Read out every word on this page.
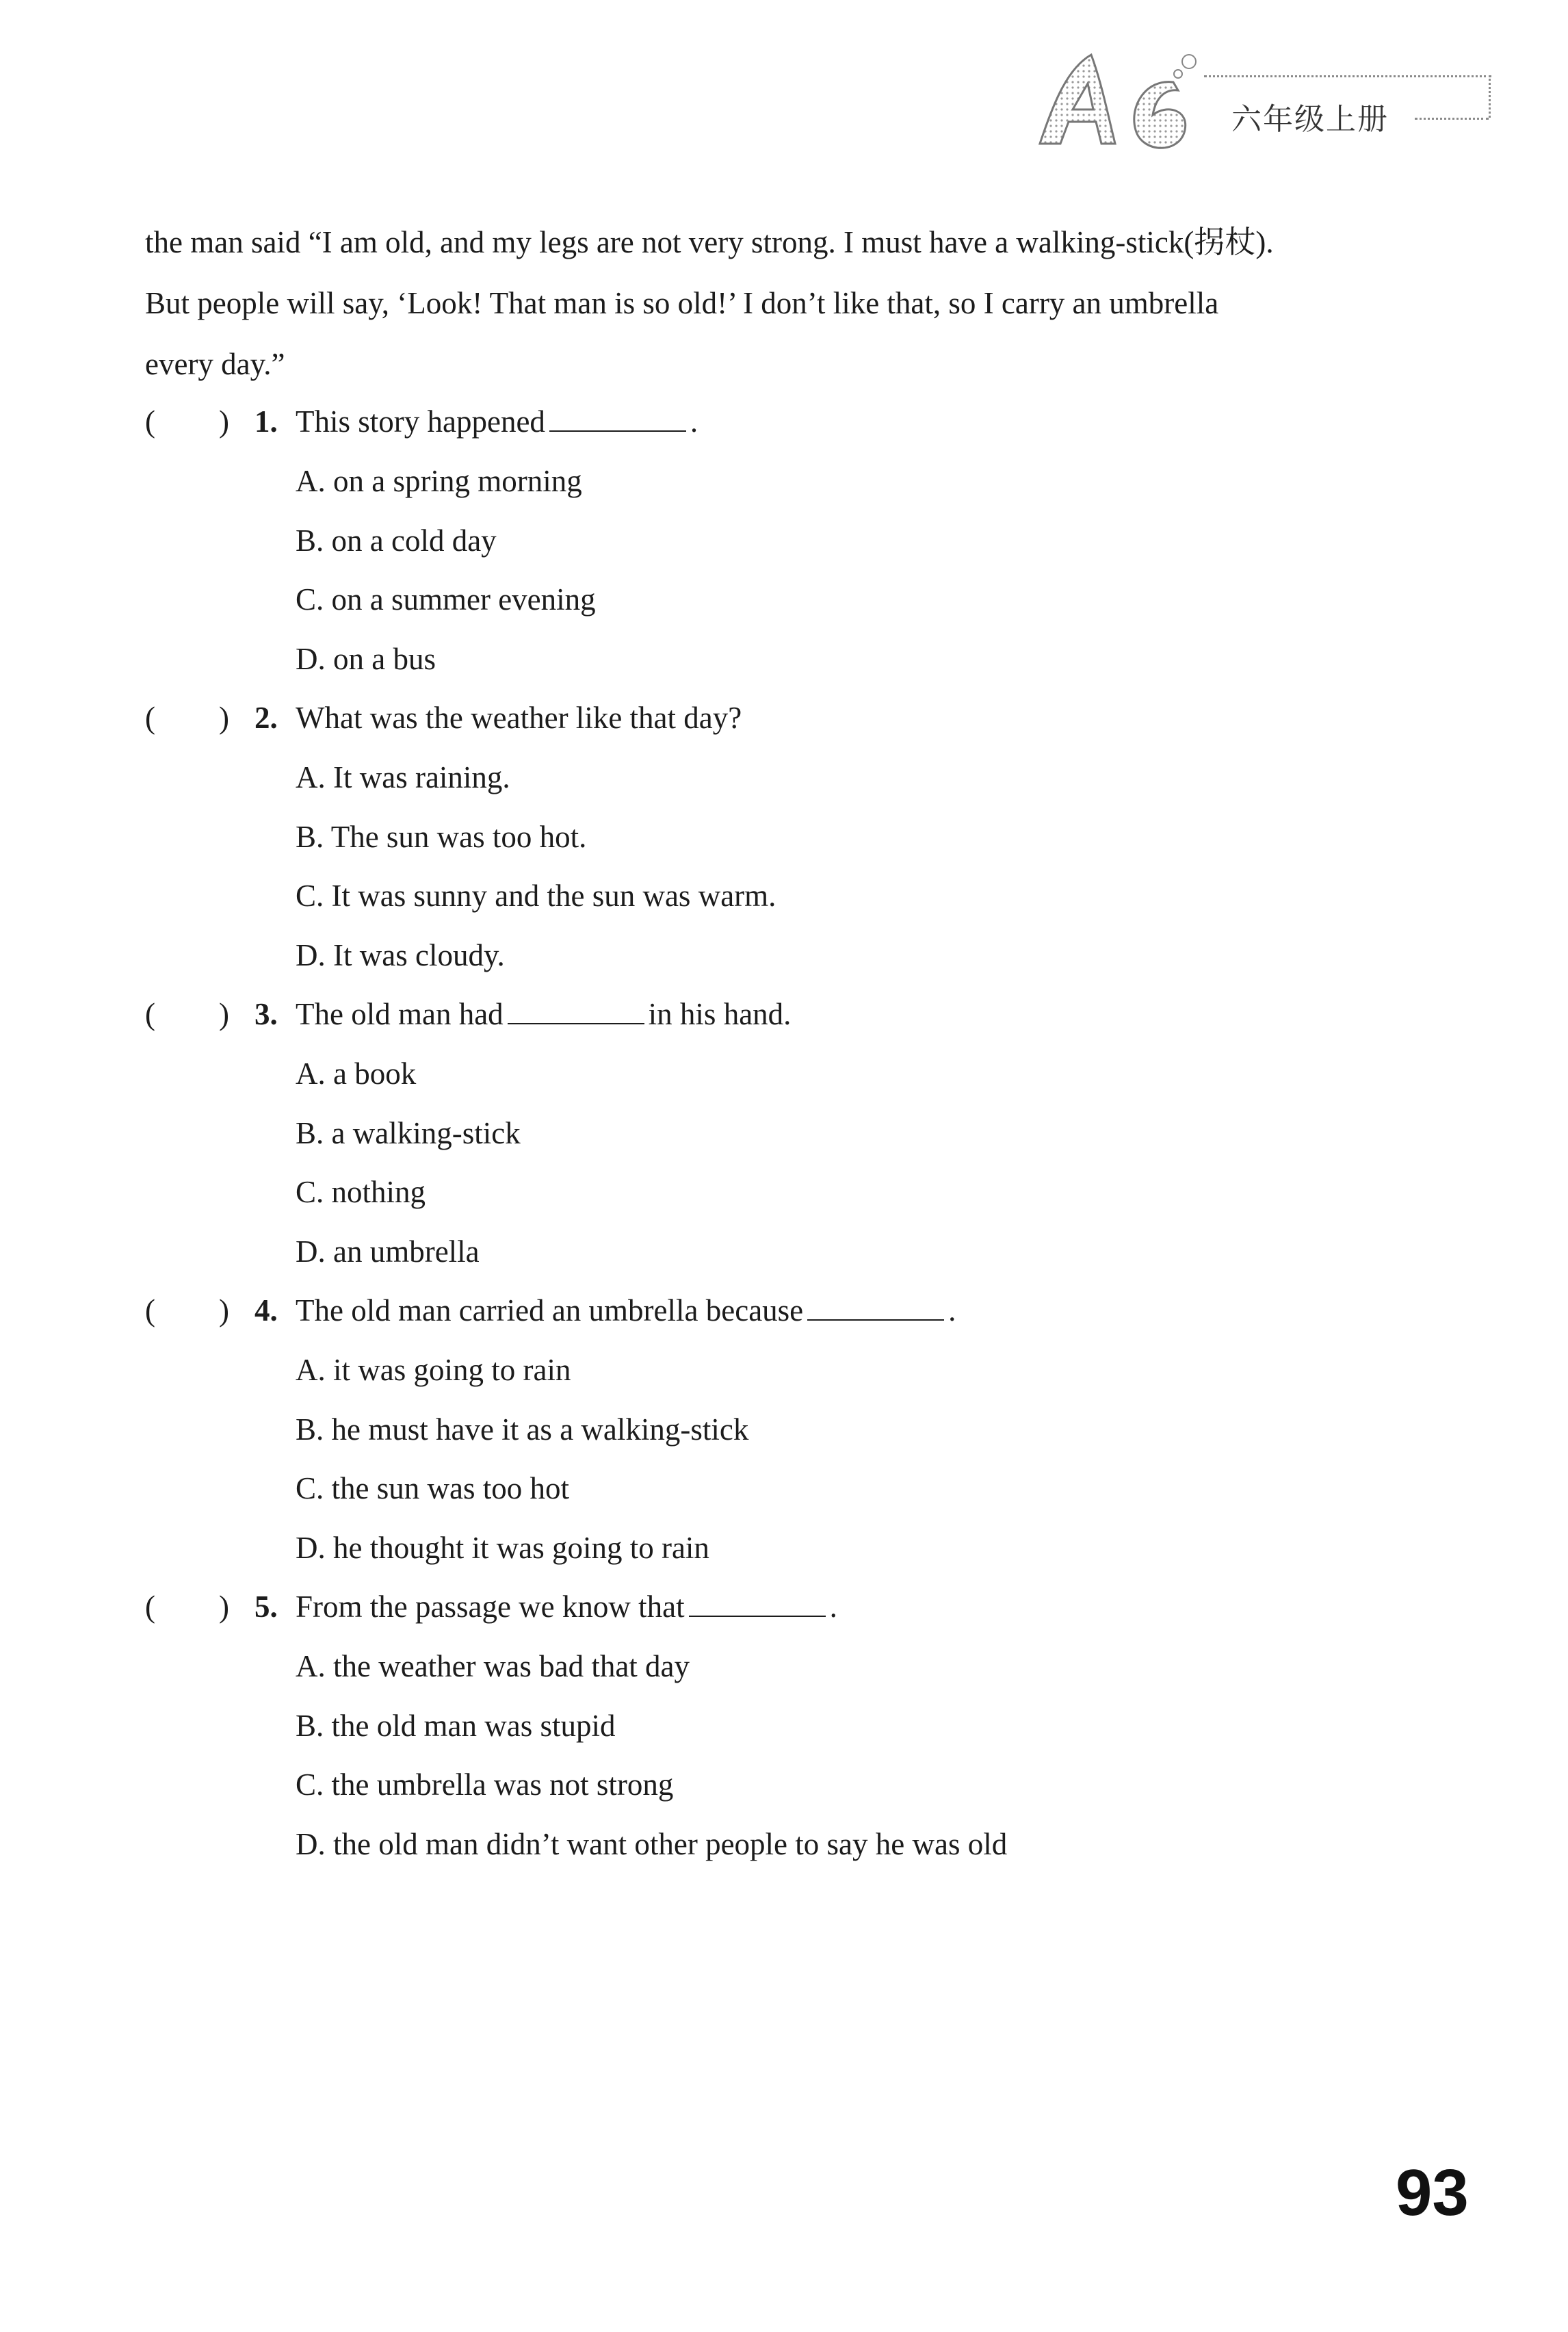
六年级上册

the man said “I am old, and my legs are not very strong. I must have a walking-stick(拐杖).

But people will say, ‘Look! That man is so old!’ I don’t like that, so I carry an umbrella

every day.”

( ) 1. This story happened	.
A. on a spring morning
B. on a cold day
C. on a summer evening
D. on a bus
( ) 2. What was the weather like that day?
A. It was raining.
B. The sun was too hot.
C. It was sunny and the sun was warm.
D. It was cloudy.
( ) 3. The old man had	in his hand.
A. a book
B. a walking-stick
C. nothing
D. an umbrella
( ) 4. The old man carried an umbrella because	.
A. it was going to rain
B. he must have it as a walking-stick
C. the sun was too hot
D. he thought it was going to rain
( ) 5. From the passage we know that	.
A. the weather was bad that day
B. the old man was stupid
C. the umbrella was not strong
D. the old man didn’t want other people to say he was old
93
